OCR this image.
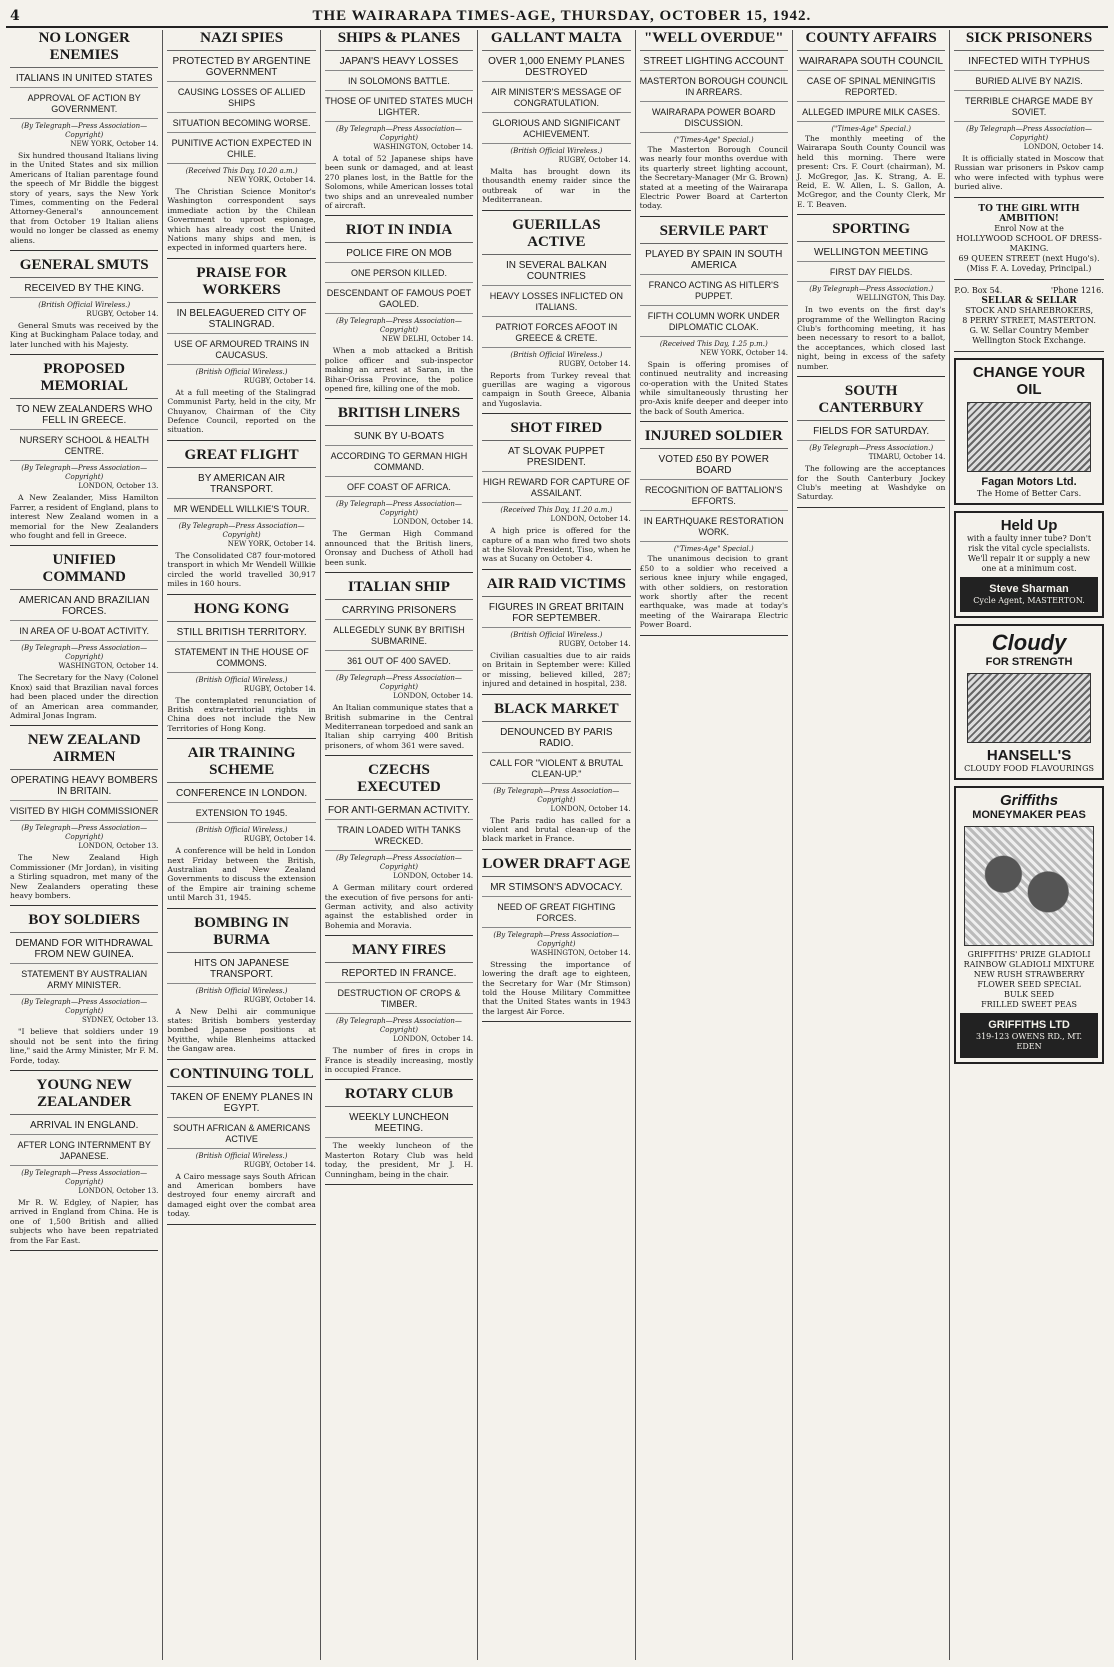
4	THE WAIRARAPA TIMES-AGE, THURSDAY, OCTOBER 15, 1942.
NO LONGER ENEMIES
ITALIANS IN UNITED STATES
APPROVAL OF ACTION BY GOVERNMENT.
(By Telegraph—Press Association—Copyright)
NEW YORK, October 14.

Six hundred thousand Italians living in the United States and six million Americans of Italian parentage found the speech of Mr Biddle the biggest story of years, says the New York Times, commenting on the Federal Attorney-General's announcement that from October 19 Italian aliens would no longer be classed as enemy aliens.

GENERAL SMUTS
RECEIVED BY THE KING.
(British Official Wireless.)
RUGBY, October 14.

General Smuts was received by the King at Buckingham Palace today, and later lunched with his Majesty.

PROPOSED MEMORIAL
TO NEW ZEALANDERS WHO FELL IN GREECE.
NURSERY SCHOOL & HEALTH CENTRE.
(By Telegraph—Press Association—Copyright)
LONDON, October 13.

A New Zealander, Miss Hamilton Farrer, a resident of England, plans to interest New Zealand women in a memorial for the New Zealanders who fought and fell in Greece.

UNIFIED COMMAND
AMERICAN AND BRAZILIAN FORCES.
IN AREA OF U-BOAT ACTIVITY.
(By Telegraph—Press Association—Copyright)
WASHINGTON, October 14.

The Secretary for the Navy (Colonel Knox) said that Brazilian naval forces had been placed under the direction of an American area commander, Admiral Jonas Ingram.

NEW ZEALAND AIRMEN
OPERATING HEAVY BOMBERS IN BRITAIN.
VISITED BY HIGH COMMISSIONER
(By Telegraph—Press Association—Copyright)
LONDON, October 13.

The New Zealand High Commissioner (Mr Jordan), in visiting a Stirling squadron, met many of the New Zealanders operating these heavy bombers.

BOY SOLDIERS
DEMAND FOR WITHDRAWAL FROM NEW GUINEA.
STATEMENT BY AUSTRALIAN ARMY MINISTER.
(By Telegraph—Press Association—Copyright)
SYDNEY, October 13.

"I believe that soldiers under 19 should not be sent into the firing line," said the Army Minister, Mr F. M. Forde, today.

YOUNG NEW ZEALANDER
ARRIVAL IN ENGLAND.
AFTER LONG INTERNMENT BY JAPANESE.
(By Telegraph—Press Association—Copyright)
LONDON, October 13.

Mr R. W. Edgley, of Napier, has arrived in England from China. He is one of 1,500 British and allied subjects who have been repatriated from the Far East.

NAZI SPIES
PROTECTED BY ARGENTINE GOVERNMENT
CAUSING LOSSES OF ALLIED SHIPS
SITUATION BECOMING WORSE.
PUNITIVE ACTION EXPECTED IN CHILE.
(Received This Day, 10.20 a.m.)
NEW YORK, October 14.

The Christian Science Monitor's Washington correspondent says immediate action by the Chilean Government to uproot espionage, which has already cost the United Nations many ships and men, is expected in informed quarters here.

PRAISE FOR WORKERS
IN BELEAGUERED CITY OF STALINGRAD.
USE OF ARMOURED TRAINS IN CAUCASUS.
(British Official Wireless.)
RUGBY, October 14.

At a full meeting of the Stalingrad Communist Party, held in the city, Mr Chuyanov, Chairman of the City Defence Council, reported on the situation.

GREAT FLIGHT
BY AMERICAN AIR TRANSPORT.
MR WENDELL WILLKIE'S TOUR.
(By Telegraph—Press Association—Copyright)
NEW YORK, October 14.

The Consolidated C87 four-motored transport in which Mr Wendell Willkie circled the world travelled 30,917 miles in 160 hours.

HONG KONG
STILL BRITISH TERRITORY.
STATEMENT IN THE HOUSE OF COMMONS.
(British Official Wireless.)
RUGBY, October 14.

The contemplated renunciation of British extra-territorial rights in China does not include the New Territories of Hong Kong.

AIR TRAINING SCHEME
CONFERENCE IN LONDON.
EXTENSION TO 1945.
(British Official Wireless.)
RUGBY, October 14.

A conference will be held in London next Friday between the British, Australian and New Zealand Governments to discuss the extension of the Empire air training scheme until March 31, 1945.

BOMBING IN BURMA
HITS ON JAPANESE TRANSPORT.
(British Official Wireless.)
RUGBY, October 14.

A New Delhi air communique states: British bombers yesterday bombed Japanese positions at Myitthe, while Blenheims attacked the Gangaw area.

CONTINUING TOLL
TAKEN OF ENEMY PLANES IN EGYPT.
SOUTH AFRICAN & AMERICANS ACTIVE
(British Official Wireless.)
RUGBY, October 14.

A Cairo message says South African and American bombers have destroyed four enemy aircraft and damaged eight over the combat area today.

SHIPS & PLANES
JAPAN'S HEAVY LOSSES
IN SOLOMONS BATTLE.
THOSE OF UNITED STATES MUCH LIGHTER.
(By Telegraph—Press Association—Copyright)
WASHINGTON, October 14.

A total of 52 Japanese ships have been sunk or damaged, and at least 270 planes lost, in the Battle for the Solomons, while American losses total two ships and an unrevealed number of aircraft.

RIOT IN INDIA
POLICE FIRE ON MOB
ONE PERSON KILLED.
DESCENDANT OF FAMOUS POET GAOLED.
(By Telegraph—Press Association—Copyright)
NEW DELHI, October 14.

When a mob attacked a British police officer and sub-inspector making an arrest at Saran, in the Bihar-Orissa Province, the police opened fire, killing one of the mob.

BRITISH LINERS
SUNK BY U-BOATS
ACCORDING TO GERMAN HIGH COMMAND.
OFF COAST OF AFRICA.
(By Telegraph—Press Association—Copyright)
LONDON, October 14.

The German High Command announced that the British liners, Oronsay and Duchess of Atholl had been sunk.

ITALIAN SHIP
CARRYING PRISONERS
ALLEGEDLY SUNK BY BRITISH SUBMARINE.
361 OUT OF 400 SAVED.
(By Telegraph—Press Association—Copyright)
LONDON, October 14.

An Italian communique states that a British submarine in the Central Mediterranean torpedoed and sank an Italian ship carrying 400 British prisoners, of whom 361 were saved.

CZECHS EXECUTED
FOR ANTI-GERMAN ACTIVITY.
TRAIN LOADED WITH TANKS WRECKED.
(By Telegraph—Press Association—Copyright)
LONDON, October 14.

A German military court ordered the execution of five persons for anti-German activity, and also activity against the established order in Bohemia and Moravia.

MANY FIRES
REPORTED IN FRANCE.
DESTRUCTION OF CROPS & TIMBER.
(By Telegraph—Press Association—Copyright)
LONDON, October 14.

The number of fires in crops in France is steadily increasing, mostly in occupied France.

ROTARY CLUB
WEEKLY LUNCHEON MEETING.

The weekly luncheon of the Masterton Rotary Club was held today, the president, Mr J. H. Cunningham, being in the chair.

GALLANT MALTA
OVER 1,000 ENEMY PLANES DESTROYED
AIR MINISTER'S MESSAGE OF CONGRATULATION.
GLORIOUS AND SIGNIFICANT ACHIEVEMENT.
(British Official Wireless.)
RUGBY, October 14.

Malta has brought down its thousandth enemy raider since the outbreak of war in the Mediterranean.

GUERILLAS ACTIVE
IN SEVERAL BALKAN COUNTRIES
HEAVY LOSSES INFLICTED ON ITALIANS.
PATRIOT FORCES AFOOT IN GREECE & CRETE.
(British Official Wireless.)
RUGBY, October 14.

Reports from Turkey reveal that guerillas are waging a vigorous campaign in South Greece, Albania and Yugoslavia.

SHOT FIRED
AT SLOVAK PUPPET PRESIDENT.
HIGH REWARD FOR CAPTURE OF ASSAILANT.
(Received This Day, 11.20 a.m.)
LONDON, October 14.

A high price is offered for the capture of a man who fired two shots at the Slovak President, Tiso, when he was at Sucany on October 4.

AIR RAID VICTIMS
FIGURES IN GREAT BRITAIN FOR SEPTEMBER.
(British Official Wireless.)
RUGBY, October 14.

Civilian casualties due to air raids on Britain in September were: Killed or missing, believed killed, 287; injured and detained in hospital, 238.

BLACK MARKET
DENOUNCED BY PARIS RADIO.
CALL FOR "VIOLENT & BRUTAL CLEAN-UP."
(By Telegraph—Press Association—Copyright)
LONDON, October 14.

The Paris radio has called for a violent and brutal clean-up of the black market in France.

LOWER DRAFT AGE
MR STIMSON'S ADVOCACY.
NEED OF GREAT FIGHTING FORCES.
(By Telegraph—Press Association—Copyright)
WASHINGTON, October 14.

Stressing the importance of lowering the draft age to eighteen, the Secretary for War (Mr Stimson) told the House Military Committee that the United States wants in 1943 the largest Air Force.

"WELL OVERDUE"
STREET LIGHTING ACCOUNT
MASTERTON BOROUGH COUNCIL IN ARREARS.
WAIRARAPA POWER BOARD DISCUSSION.
("Times-Age" Special.)

The Masterton Borough Council was nearly four months overdue with its quarterly street lighting account, the Secretary-Manager (Mr G. Brown) stated at a meeting of the Wairarapa Electric Power Board at Carterton today.

SERVILE PART
PLAYED BY SPAIN IN SOUTH AMERICA
FRANCO ACTING AS HITLER'S PUPPET.
FIFTH COLUMN WORK UNDER DIPLOMATIC CLOAK.
(Received This Day, 1.25 p.m.)
NEW YORK, October 14.

Spain is offering promises of continued neutrality and increasing co-operation with the United States while simultaneously thrusting her pro-Axis knife deeper and deeper into the back of South America.

INJURED SOLDIER
VOTED £50 BY POWER BOARD
RECOGNITION OF BATTALION'S EFFORTS.
IN EARTHQUAKE RESTORATION WORK.
("Times-Age" Special.)

The unanimous decision to grant £50 to a soldier who received a serious knee injury while engaged, with other soldiers, on restoration work shortly after the recent earthquake, was made at today's meeting of the Wairarapa Electric Power Board.

COUNTY AFFAIRS
WAIRARAPA SOUTH COUNCIL
CASE OF SPINAL MENINGITIS REPORTED.
ALLEGED IMPURE MILK CASES.
("Times-Age" Special.)

The monthly meeting of the Wairarapa South County Council was held this morning. There were present: Crs. F. Court (chairman), M. J. McGregor, Jas. K. Strang, A. E. Reid, E. W. Allen, L. S. Gallon, A. McGregor, and the County Clerk, Mr E. T. Beaven.

SPORTING
WELLINGTON MEETING
FIRST DAY FIELDS.
(By Telegraph—Press Association.)
WELLINGTON, This Day.

In two events on the first day's programme of the Wellington Racing Club's forthcoming meeting, it has been necessary to resort to a ballot, the acceptances, which closed last night, being in excess of the safety number.

SOUTH CANTERBURY
FIELDS FOR SATURDAY.
(By Telegraph—Press Association.)
TIMARU, October 14.

The following are the acceptances for the South Canterbury Jockey Club's meeting at Washdyke on Saturday.

SICK PRISONERS
INFECTED WITH TYPHUS
BURIED ALIVE BY NAZIS.
TERRIBLE CHARGE MADE BY SOVIET.
(By Telegraph—Press Association—Copyright)
LONDON, October 14.

It is officially stated in Moscow that Russian war prisoners in Pskov camp who were infected with typhus were buried alive.

TO THE GIRL WITH AMBITION!
Enrol Now at the
HOLLYWOOD SCHOOL OF DRESS-MAKING.
69 QUEEN STREET (next Hugo's).
(Miss F. A. Loveday, Principal.)
P.O. Box 54.	'Phone 1216.
SELLAR & SELLAR
STOCK AND SHAREBROKERS,
8 PERRY STREET, MASTERTON.
G. W. Sellar Country Member Wellington Stock Exchange.
CHANGE YOUR OIL
Fagan Motors Ltd.
The Home of Better Cars.
Held Up
with a faulty inner tube? Don't risk the vital cycle specialists. We'll repair it or supply a new one at a minimum cost.
Steve Sharman
Cycle Agent, MASTERTON.
Cloudy
FOR STRENGTH
HANSELL'S
CLOUDY FOOD FLAVOURINGS
Griffiths
MONEYMAKER PEAS
GRIFFITHS' PRIZE GLADIOLI
RAINBOW GLADIOLI MIXTURE
NEW RUSH STRAWBERRY
FLOWER SEED SPECIAL
BULK SEED
FRILLED SWEET PEAS
GRIFFITHS LTD
319-123 OWENS RD., MT. EDEN
